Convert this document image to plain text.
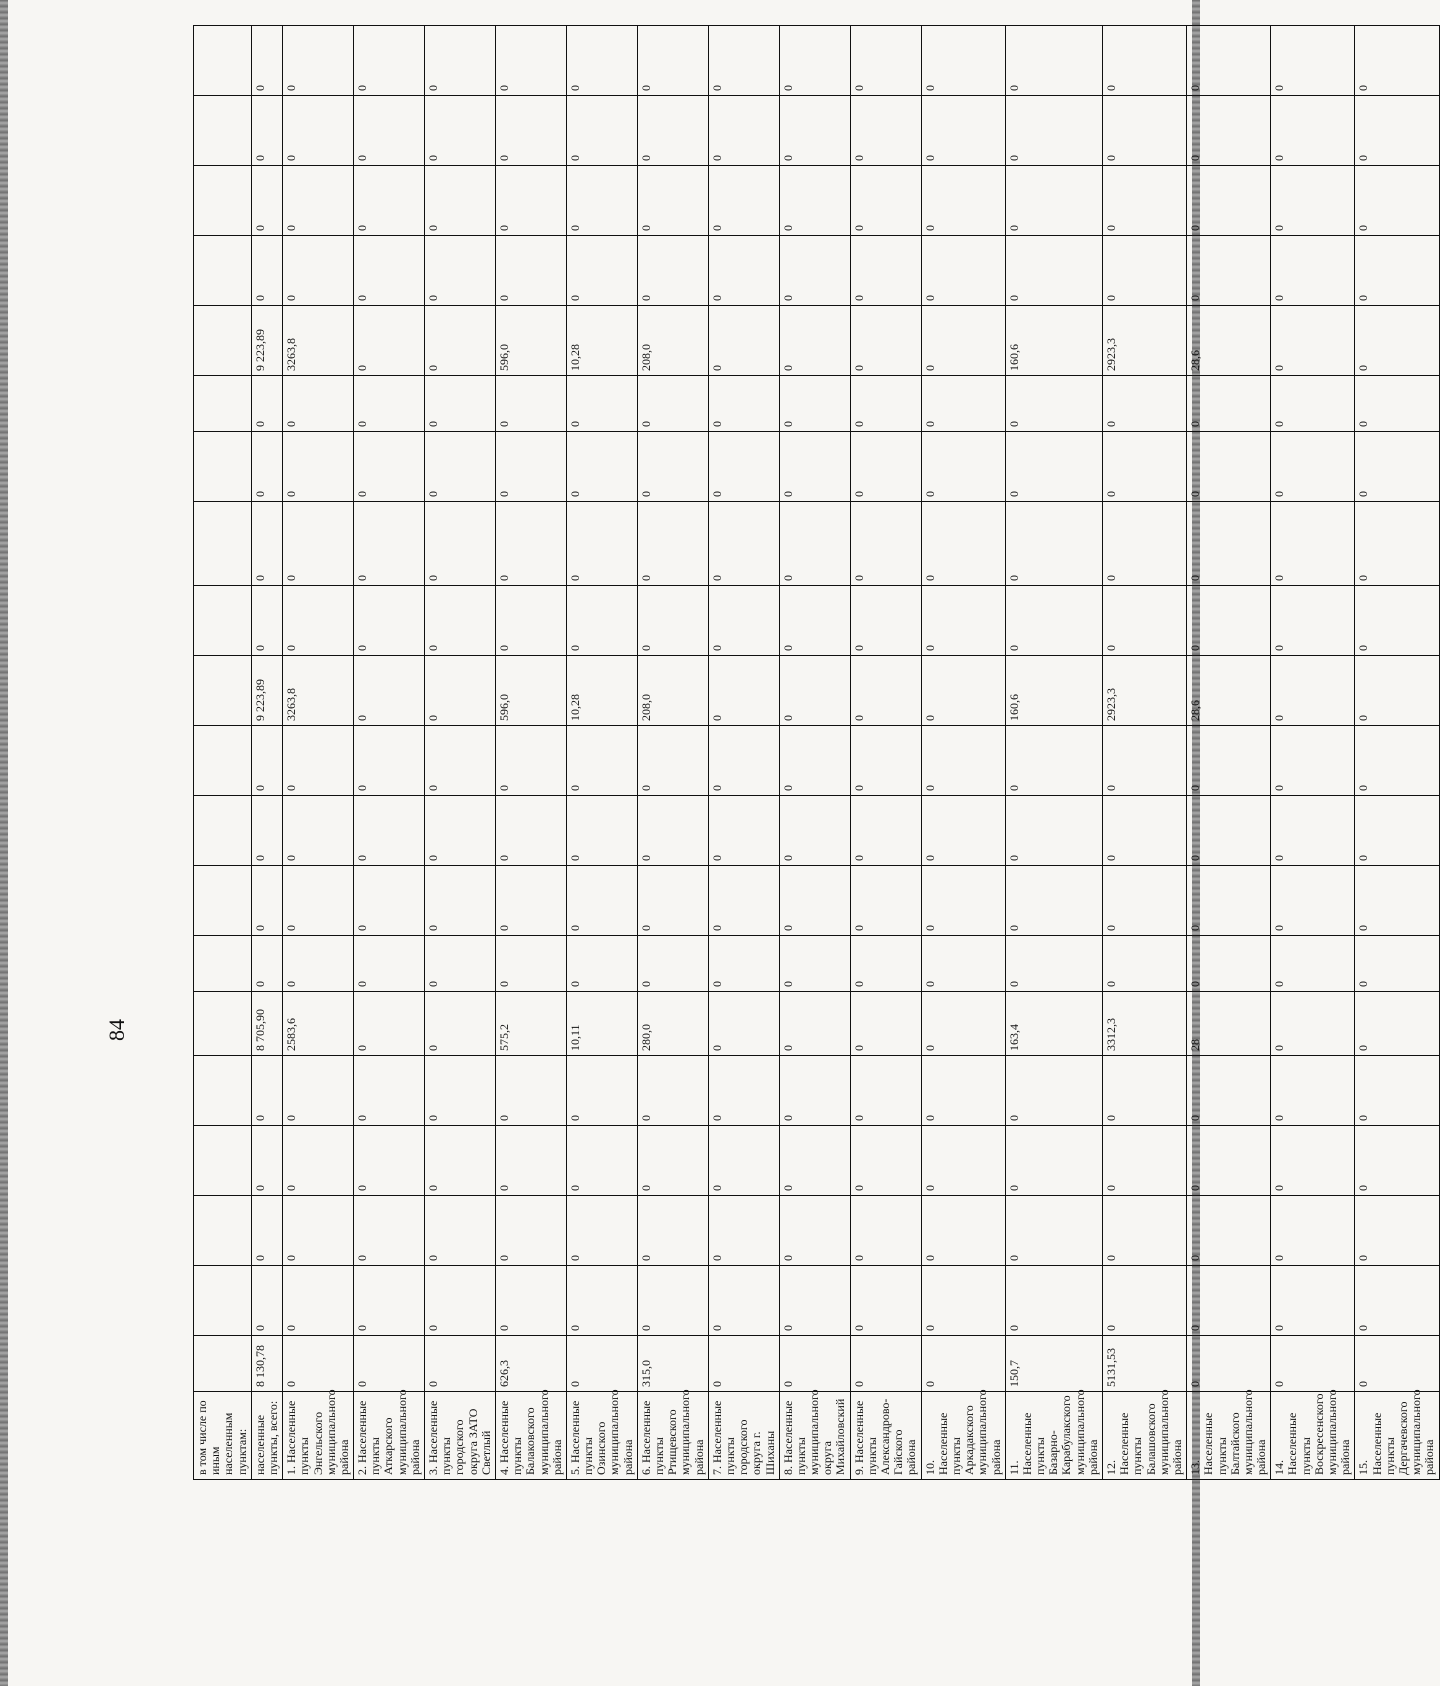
84
в том числе по иным населенным пунктам:																				
населенные пункты, всего:	8 130,78	0	0	0	0	8 705,90	0	0	0	0	9 223,89	0	0	0	0	9 223,89	0	0	0	0
1. Населенные пункты Энгельского муниципального района	0	0	0	0	0	2583,6	0	0	0	0	3263,8	0	0	0	0	3263,8	0	0	0	0
2. Населенные пункты Аткарского муниципального района	0	0	0	0	0	0	0	0	0	0	0	0	0	0	0	0	0	0	0	0
3. Населенные пункты городского округа ЗАТО Светлый	0	0	0	0	0	0	0	0	0	0	0	0	0	0	0	0	0	0	0	0
4. Населенные пункты Балаковского муниципального района	626,3	0	0	0	0	575,2	0	0	0	0	596,0	0	0	0	0	596,0	0	0	0	0
5. Населенные пункты Озинского муниципального района	0	0	0	0	0	10,11	0	0	0	0	10,28	0	0	0	0	10,28	0	0	0	0
6. Населенные пункты Ртищевского муниципального района	315,0	0	0	0	0	280,0	0	0	0	0	208,0	0	0	0	0	208,0	0	0	0	0
7. Населенные пункты городского округа г. Шиханы	0	0	0	0	0	0	0	0	0	0	0	0	0	0	0	0	0	0	0	0
8. Населенные пункты муниципального округа Михайловский	0	0	0	0	0	0	0	0	0	0	0	0	0	0	0	0	0	0	0	0
9. Населенные пункты Александрово-Гайского района	0	0	0	0	0	0	0	0	0	0	0	0	0	0	0	0	0	0	0	0
10. Населенные пункты Аркадакского муниципального района	0	0	0	0	0	0	0	0	0	0	0	0	0	0	0	0	0	0	0	0
11. Населенные пункты Базарно-Карабулакского муниципального района	150,7	0	0	0	0	163,4	0	0	0	0	160,6	0	0	0	0	160,6	0	0	0	0
12. Населенные пункты Балашовского муниципального района	5131,53	0	0	0	0	3312,3	0	0	0	0	2923,3	0	0	0	0	2923,3	0	0	0	0
13. Населенные пункты Балтайского муниципального района	0	0	0	0	0	28	0	0	0	0	28,6	0	0	0	0	28,6	0	0	0	0
14. Населенные пункты Воскресенского муниципального района	0	0	0	0	0	0	0	0	0	0	0	0	0	0	0	0	0	0	0	0
15. Населенные пункты Дергачевского муниципального района	0	0	0	0	0	0	0	0	0	0	0	0	0	0	0	0	0	0	0	0
